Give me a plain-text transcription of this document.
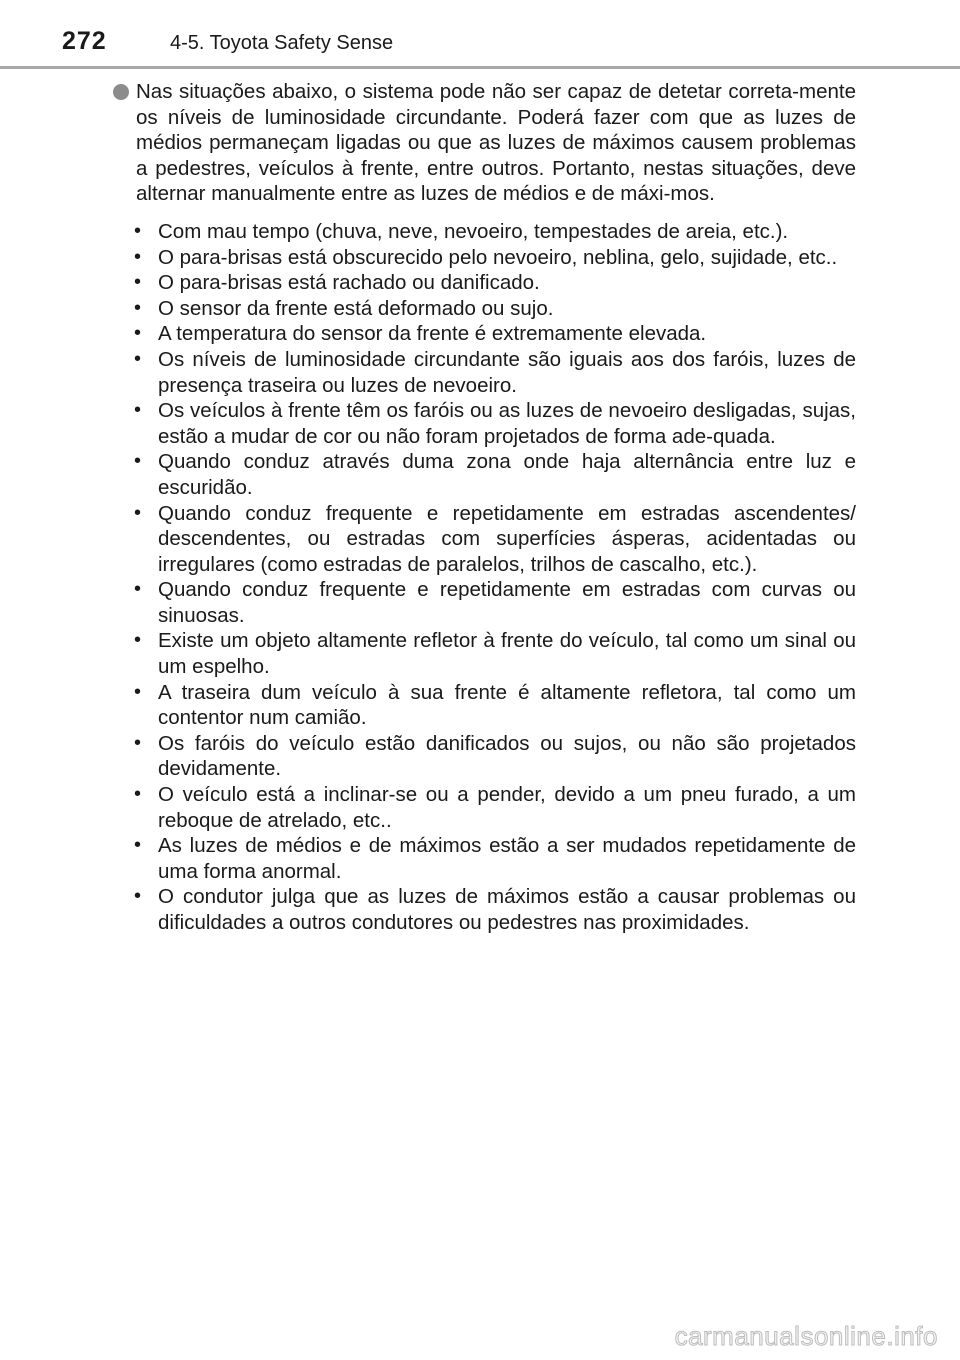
272	4-5. Toyota Safety Sense

Nas situações abaixo, o sistema pode não ser capaz de detetar correta-mente os níveis de luminosidade circundante. Poderá fazer com que as luzes de médios permaneçam ligadas ou que as luzes de máximos causem problemas a pedestres, veículos à frente, entre outros. Portanto, nestas situações, deve alternar manualmente entre as luzes de médios e de máxi-mos.

• Com mau tempo (chuva, neve, nevoeiro, tempestades de areia, etc.).
• O para-brisas está obscurecido pelo nevoeiro, neblina, gelo, sujidade, etc..
• O para-brisas está rachado ou danificado.
• O sensor da frente está deformado ou sujo.
• A temperatura do sensor da frente é extremamente elevada.
• Os níveis de luminosidade circundante são iguais aos dos faróis, luzes de presença traseira ou luzes de nevoeiro.
• Os veículos à frente têm os faróis ou as luzes de nevoeiro desligadas, sujas, estão a mudar de cor ou não foram projetados de forma ade-quada.
• Quando conduz através duma zona onde haja alternância entre luz e escuridão.
• Quando conduz frequente e repetidamente em estradas ascendentes/ descendentes, ou estradas com superfícies ásperas, acidentadas ou irregulares (como estradas de paralelos, trilhos de cascalho, etc.).
• Quando conduz frequente e repetidamente em estradas com curvas ou sinuosas.
• Existe um objeto altamente refletor à frente do veículo, tal como um sinal ou um espelho.
• A traseira dum veículo à sua frente é altamente refletora, tal como um contentor num camião.
• Os faróis do veículo estão danificados ou sujos, ou não são projetados devidamente.
• O veículo está a inclinar-se ou a pender, devido a um pneu furado, a um reboque de atrelado, etc..
• As luzes de médios e de máximos estão a ser mudados repetidamente de uma forma anormal.
• O condutor julga que as luzes de máximos estão a causar problemas ou dificuldades a outros condutores ou pedestres nas proximidades.
carmanualsonline.info
